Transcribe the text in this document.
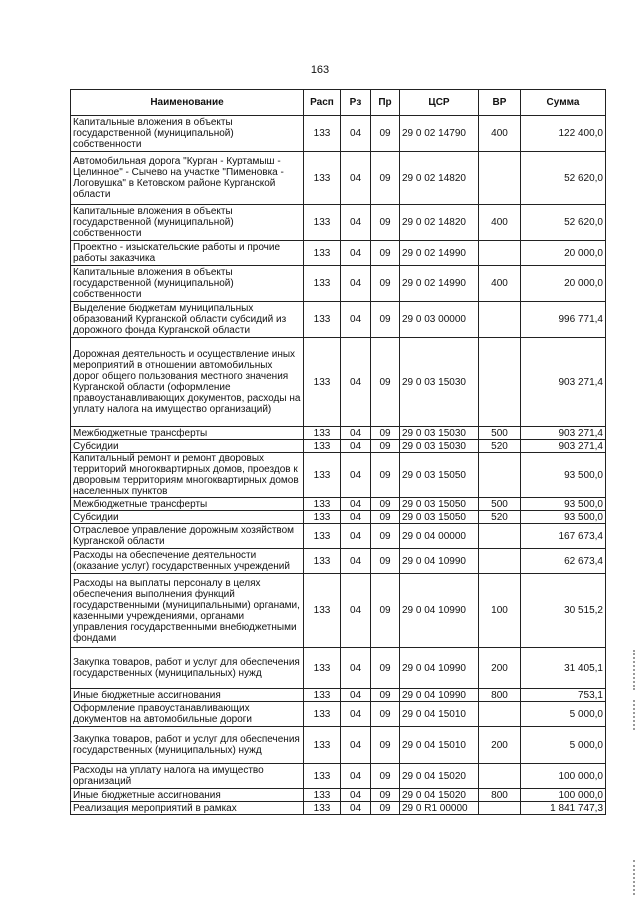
163
Наименование	Расп	Рз	Пр	ЦСР	ВР	Сумма
Капитальные вложения в объекты государственной (муниципальной) собственности	133	04	09	29 0 02 14790	400	122 400,0
Автомобильная дорога "Курган - Куртамыш - Целинное" - Сычево на участке "Пименовка - Логовушка" в Кетовском районе Курганской области	133	04	09	29 0 02 14820		52 620,0
Капитальные вложения в объекты государственной (муниципальной) собственности	133	04	09	29 0 02 14820	400	52 620,0
Проектно - изыскательские работы и прочие работы заказчика	133	04	09	29 0 02 14990		20 000,0
Капитальные вложения в объекты государственной (муниципальной) собственности	133	04	09	29 0 02 14990	400	20 000,0
Выделение бюджетам муниципальных образований Курганской области субсидий из дорожного фонда Курганской области	133	04	09	29 0 03 00000		996 771,4
Дорожная деятельность и осуществление иных мероприятий в отношении автомобильных дорог общего пользования местного значения Курганской области (оформление правоустанавливающих документов, расходы на уплату налога на имущество организаций)	133	04	09	29 0 03 15030		903 271,4
Межбюджетные трансферты	133	04	09	29 0 03 15030	500	903 271,4
Субсидии	133	04	09	29 0 03 15030	520	903 271,4
Капитальный ремонт и ремонт дворовых территорий многоквартирных домов, проездов к дворовым территориям многоквартирных домов населенных пунктов	133	04	09	29 0 03 15050		93 500,0
Межбюджетные трансферты	133	04	09	29 0 03 15050	500	93 500,0
Субсидии	133	04	09	29 0 03 15050	520	93 500,0
Отраслевое управление дорожным хозяйством Курганской области	133	04	09	29 0 04 00000		167 673,4
Расходы на обеспечение деятельности (оказание услуг) государственных учреждений	133	04	09	29 0 04 10990		62 673,4
Расходы на выплаты персоналу в целях обеспечения выполнения функций государственными (муниципальными) органами, казенными учреждениями, органами управления государственными внебюджетными фондами	133	04	09	29 0 04 10990	100	30 515,2
Закупка товаров, работ и услуг для обеспечения государственных (муниципальных) нужд	133	04	09	29 0 04 10990	200	31 405,1
Иные бюджетные ассигнования	133	04	09	29 0 04 10990	800	753,1
Оформление правоустанавливающих документов на автомобильные дороги	133	04	09	29 0 04 15010		5 000,0
Закупка товаров, работ и услуг для обеспечения государственных (муниципальных) нужд	133	04	09	29 0 04 15010	200	5 000,0
Расходы на уплату налога на имущество организаций	133	04	09	29 0 04 15020		100 000,0
Иные бюджетные ассигнования	133	04	09	29 0 04 15020	800	100 000,0
Реализация мероприятий в рамках	133	04	09	29 0 R1 00000		1 841 747,3
